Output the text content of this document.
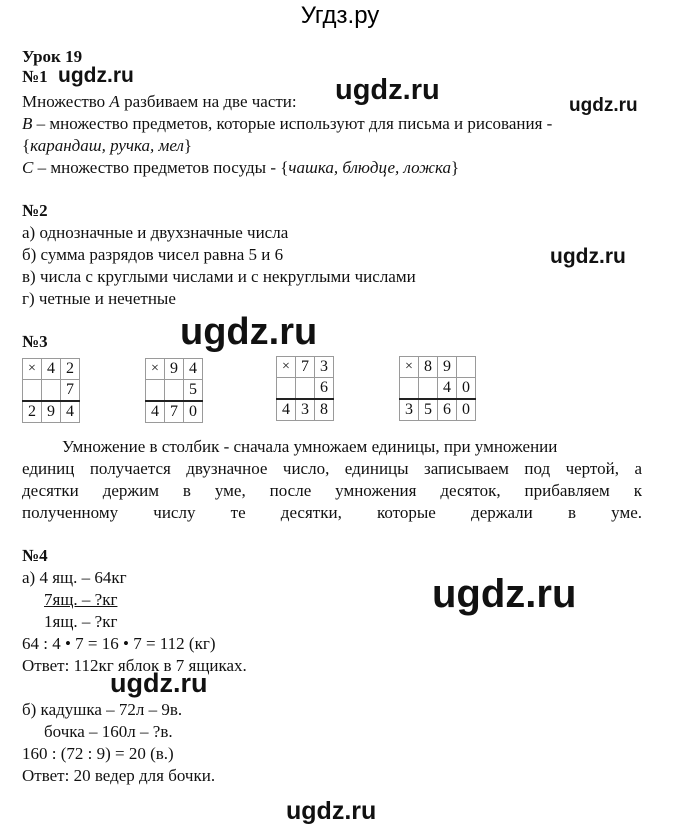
Угдз.ру
ugdz.ru	ugdz.ru	ugdz.ru
ugdz.ru
ugdz.ru
ugdz.ru
ugdz.ru
ugdz.ru
Урок 19
№1
Множество А разбиваем на две части:
В – множество предметов, которые используют для письма и рисования -
{карандаш, ручка, мел}
С – множество предметов посуды - {чашка, блюдце, ложка}
№2
а) однозначные и двухзначные числа
б) сумма разрядов чисел равна 5 и 6
в) числа с круглыми числами и с некруглыми числами
г) четные и нечетные
№3
×	4	2
		7
2	9	4
×	9	4
		5
4	7	0
×	7	3
		6
4	3	8
×	8	9	
		4	0
3	5	6	0
Умножение в столбик - сначала умножаем единицы, при умножении
единиц получается двузначное число, единицы записываем под чертой, а
десятки держим в уме, после умножения десяток, прибавляем к
полученному числу те десятки, которые держали в уме.
№4
а) 4 ящ. – 64кг
7ящ. – ?кг
1ящ. – ?кг
64 : 4 • 7 = 16 • 7 = 112 (кг)
Ответ: 112кг яблок в 7 ящиках.
б) кадушка – 72л – 9в.
бочка – 160л – ?в.
160 : (72 : 9) = 20 (в.)
Ответ: 20 ведер для бочки.
